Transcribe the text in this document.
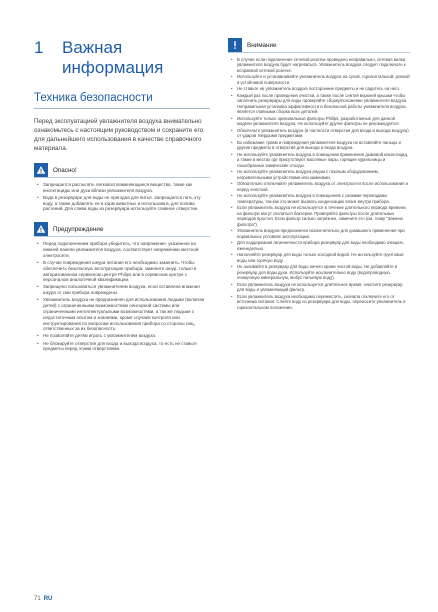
1	Важная
информация
Техника безопасности
Перед эксплуатацией увлажнителя воздуха внимательно ознакомьтесь с настоящим руководством и сохраните его для дальнейшего использования в качестве справочного материала.
Опасно!
• Запрещается распылять легковоспламеняющиеся вещества, такие как инсектициды или духи вблизи увлажнителя воздуха.
• Вода в резервуаре для воды не пригодна для питья. Запрещается пить эту воду, а также добавлять ее в корм животных и использовать для полива растений. Для слива воды из резервуара используйте сливное отверстие.
Предупреждение
• Перед подключением прибора убедитесь, что напряжение, указанное на нижней панели увлажнителя воздуха, соответствует напряжению местной электросети.
• В случае повреждения шнура питания его необходимо заменить. Чтобы обеспечить безопасную эксплуатацию прибора, замените шнур, только в авторизованном сервисном центре Philips или в сервисном центре с персоналом аналогичной квалификации.
• Запрещено пользоваться увлажнителем воздуха, если оставлена влажная шкура от сми прибора повреждены.
• Увлажнитель воздуха не предназначен для использования людьми (включая детей) с ограниченными возможностями сенсорной системы или ограниченными интеллектуальными возможностями, а так же людьми с недостаточным опытом и знаниями, кроме случаев контроля или инструктирования по вопросам использования прибора со стороны лиц, ответственных за их безопасность.
• Не позволяйте детям играть с увлажнителем воздуха.
• Не блокируйте отверстия для входа и выхода воздуха, то есть не ставьте предметы перед этими отверстиями.
Внимание
• В случае если подключение сетевой розетки проведено неправильно, сетевая вилка увлажнителя воздуха будет нагреваться. Увлажнитель воздуха следует подключать к исправной сетевой розетке.
• Используйте и устанавливайте увлажнитель воздуха на сухой, горизонтальной, ровной и устойчивой поверхности.
• Не ставьте на увлажнитель воздуха посторонние предметы и не садитесь на него.
• Каждый раз после проведения очистки, а также после снятия верхней крышки чтобы заполнить резервуары для воды проверяйте сборку/положение увлажнителя воздуха. Неправильная установка эффективности и безопасной работы увлажнителя воздуха является главными сборка всех деталей.
• Используйте только оригинальные фильтры Philips, разработанные для данной модели увлажнителя воздуха. Не используйте другие фильтры не рекомендуется.
• Обеспечьте увлажнитель воздуха (в частности отверстия для входа и выхода воздуха) от ударов твердыми предметами.
• Во избежание травм и повреждения увлажнителя воздуха не вставляйте пальцы и другие предметы в отверстия для выхода и входа воздуха.
• Не используйте увлажнитель воздуха в помещении применения дымовой инсектицид, а также в местах где присутствуют масляные пары, горящие курильницы и газообразные химические отходы.
• Не используйте увлажнитель воздуха рядом с газовым оборудованием, нагревательными устройствами или каминами.
• Обязательно отключайте увлажнитель воздуха от электросети после использования и перед очисткой.
• Не используйте увлажнитель воздуха в помещениях с резкими перепадами температуры, так как это может вызвать конденсацию влаги внутри прибора.
• Если увлажнитель воздуха не используется в течение длительного периода времени, на фильтре могут скопиться бактерии. Проверяйте фильтры после длительных периодов простоя. Если фильтр сильно загрязнен, замените его (см. главу "Замена фильтра").
• Увлажнитель воздуха предназначен исключительно для домашнего применения при нормальных условиях эксплуатации.
• Для поддержания гигиеничности прибора резервуар для воды необходимо очищать еженедельно.
• Наполняйте резервуар для воды только холодной водой. Не используйте грунтовые воды или горячую воду.
• Не заливайте в резервуар для воды ничего кроме чистой воды. Не добавляйте в резервуар для воды духи. Используйте исключительно воду (водопроводную, очищенную минеральную, мобус питьевую воду).
• Если увлажнитель воздуха не используется длительное время, очистите резервуар для воды и увлажняющий фильтр.
• Если увлажнитель воздуха необходимо переместить, сначала отключите его от источника питания. Слейте воду из резервуара для воды, переносите увлажнитель в горизонтальном положении.
71 RU
